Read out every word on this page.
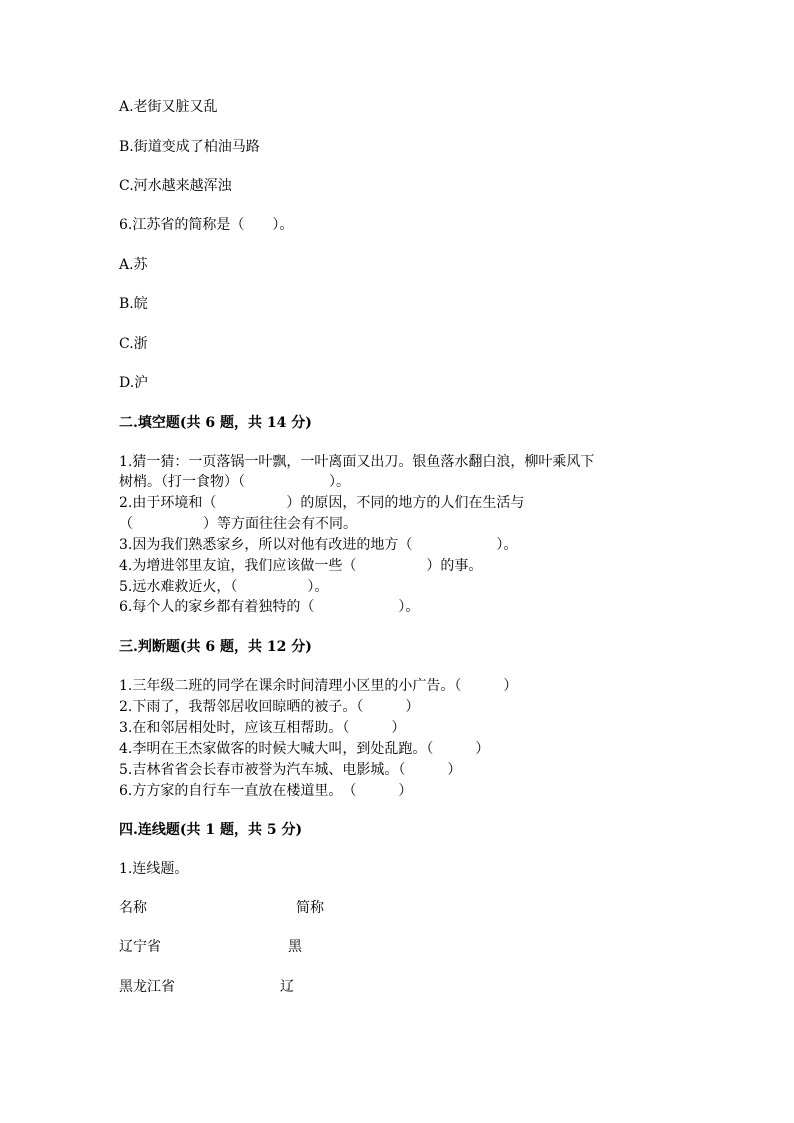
A.老街又脏又乱
B.街道变成了柏油马路
C.河水越来越浑浊
6.江苏省的简称是（　　）。
A.苏
B.皖
C.浙
D.沪
二.填空题(共 6 题，共 14 分)
1.猜一猜：一页落锅一叶飘，一叶离面又出刀。银鱼落水翻白浪，柳叶乘风下
树梢。（打一食物）（　　　　　　）。
2.由于环境和（　　　　　）的原因，不同的地方的人们在生活与
（　　　　　）等方面往往会有不同。
3.因为我们熟悉家乡，所以对他有改进的地方（　　　　　　）。
4.为增进邻里友谊，我们应该做一些（　　　　　）的事。
5.远水难救近火，（　　　　　）。
6.每个人的家乡都有着独特的（　　　　　　）。
三.判断题(共 6 题，共 12 分)
1.三年级二班的同学在课余时间清理小区里的小广告。（　　　）
2.下雨了，我帮邻居收回晾晒的被子。（　　　）
3.在和邻居相处时，应该互相帮助。（　　　）
4.李明在王杰家做客的时候大喊大叫，到处乱跑。（　　　）
5.吉林省省会长春市被誉为汽车城、电影城。（　　　）
6.方方家的自行车一直放在楼道里。　（　　　）
四.连线题(共 1 题，共 5 分)
1.连线题。
名称	简称
辽宁省	黑
黑龙江省	辽
